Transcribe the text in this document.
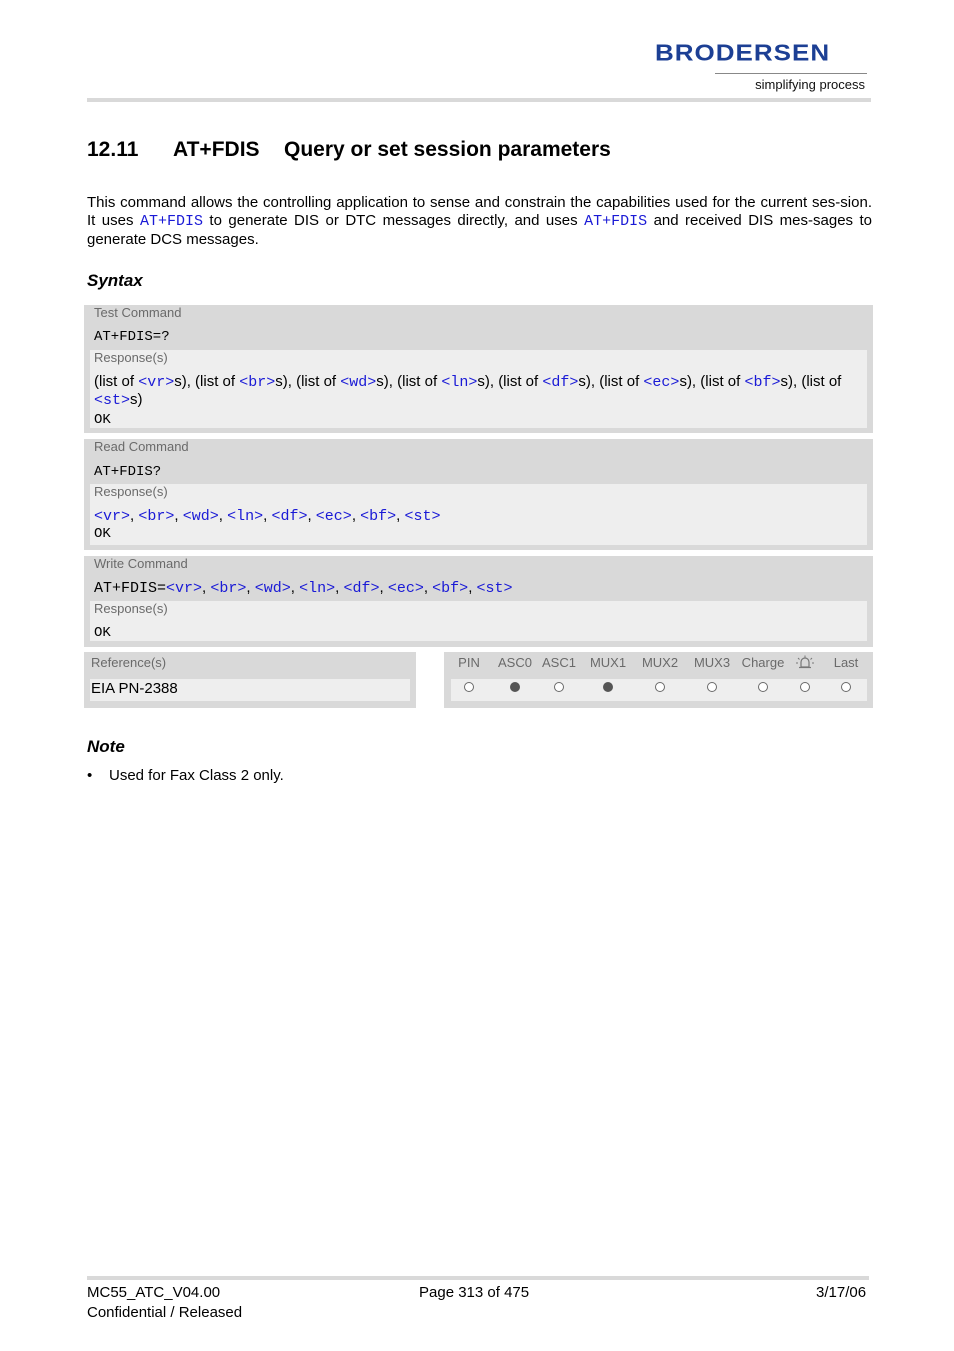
BRODERSEN
simplifying process
12.11 AT+FDIS Query or set session parameters

This command allows the controlling application to sense and constrain the capabilities used for the current ses-sion. It uses AT+FDIS to generate DIS or DTC messages directly, and uses AT+FDIS and received DIS mes-sages to generate DCS messages.

Syntax
Test Command
AT+FDIS=?
Response(s)
(list of <vr>s), (list of <br>s), (list of <wd>s), (list of <ln>s), (list of <df>s), (list of <ec>s), (list of <bf>s), (list of <st>s)
OK
Read Command
AT+FDIS?
Response(s)
<vr>, <br>, <wd>, <ln>, <df>, <ec>, <bf>, <st>
OK
Write Command
AT+FDIS=<vr>, <br>, <wd>, <ln>, <df>, <ec>, <bf>, <st>
Response(s)
OK
Reference(s)
EIA PN-2388
PIN ASC0 ASC1 MUX1 MUX2 MUX3 Charge	Last
Note
• Used for Fax Class 2 only.
MC55_ATC_V04.00
Confidential / Released
Page 313 of 475	3/17/06
